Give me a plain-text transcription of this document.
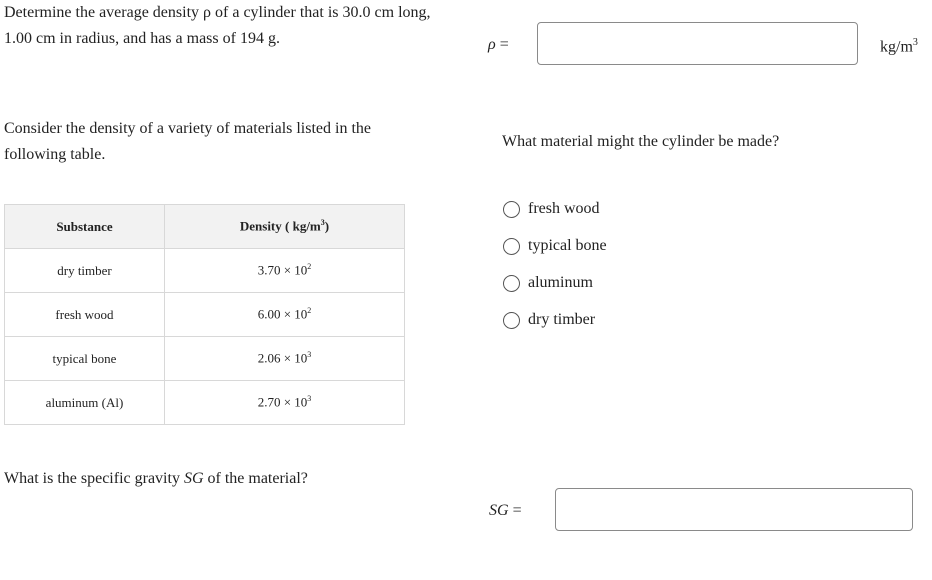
Determine the average density ρ of a cylinder that is 30.0 cm long, 1.00 cm in radius, and has a mass of 194 g.	ρ =	$kg/m^3$
Consider the density of a variety of materials listed in the following table.
Substance	Density ( $kg/m^3$)
dry timber	$3.70 \times 10^2$
fresh wood	$6.00 \times 10^2$
typical bone	$2.06 \times 10^3$
aluminum (Al)	$2.70 \times 10^3$
What material might the cylinder be made?
fresh wood
typical bone
aluminum
dry timber
What is the specific gravity SG of the material?
SG =
